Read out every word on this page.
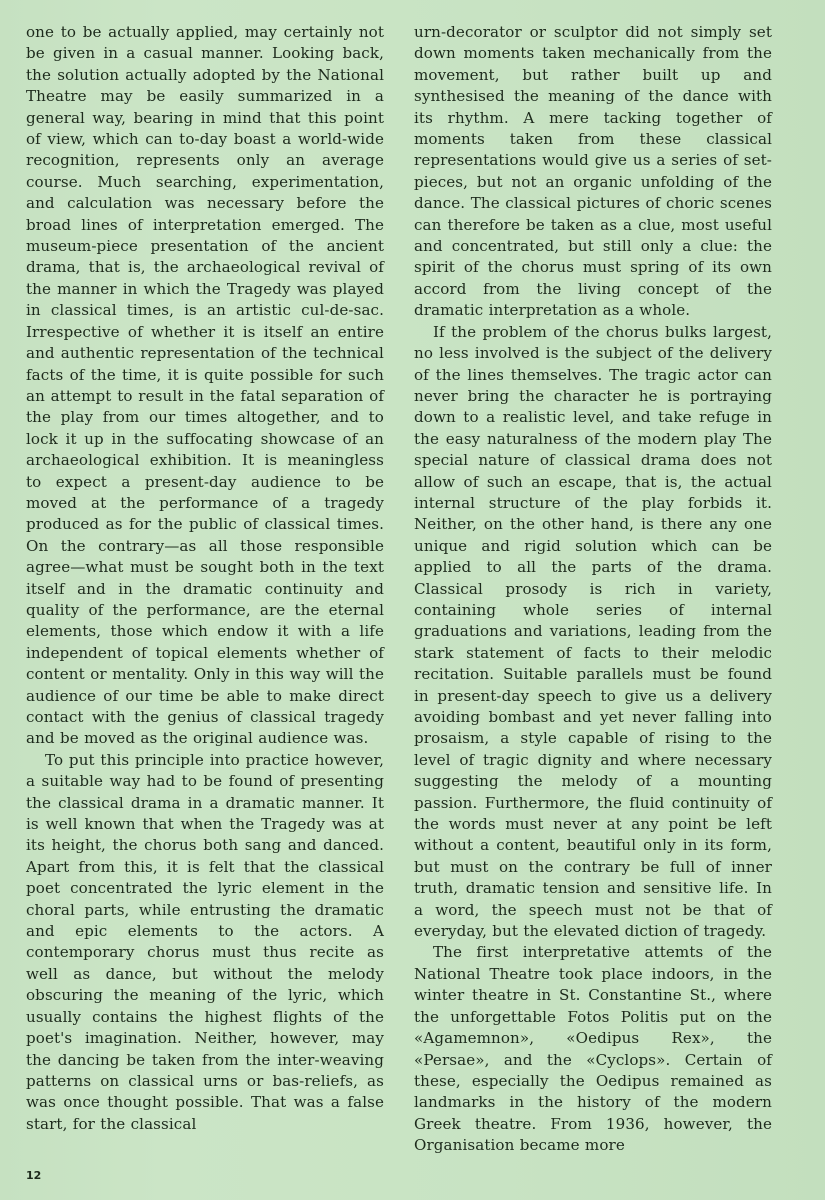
one to be actually applied, may certainly not be given in a casual manner. Looking back, the solution actually adopted by the National Theatre may be easily summarized in a general way, bearing in mind that this point of view, which can to-day boast a world-wide recognition, represents only an average course. Much searching, experimentation, and calculation was necessary before the broad lines of interpretation emerged. The museum-piece presentation of the ancient drama, that is, the archaeological revival of the manner in which the Tragedy was played in classical times, is an artistic cul-de-sac. Irrespective of whether it is itself an entire and authentic representation of the technical facts of the time, it is quite possible for such an attempt to result in the fatal separation of the play from our times altogether, and to lock it up in the suffocating showcase of an archaeological exhibition. It is meaningless to expect a present-day audience to be moved at the performance of a tragedy produced as for the public of classical times. On the contrary—as all those responsible agree—what must be sought both in the text itself and in the dramatic continuity and quality of the performance, are the eternal elements, those which endow it with a life independent of topical elements whether of content or mentality. Only in this way will the audience of our time be able to make direct contact with the genius of classical tragedy and be moved as the original audience was.

To put this principle into practice however, a suitable way had to be found of presenting the classical drama in a dramatic manner. It is well known that when the Tragedy was at its height, the chorus both sang and danced. Apart from this, it is felt that the classical poet concentrated the lyric element in the choral parts, while entrusting the dramatic and epic elements to the actors. A contemporary chorus must thus recite as well as dance, but without the melody obscuring the meaning of the lyric, which usually contains the highest flights of the poet's imagination. Neither, however, may the dancing be taken from the inter-weaving patterns on classical urns or bas-reliefs, as was once thought possible. That was a false start, for the classical

urn-decorator or sculptor did not simply set down moments taken mechanically from the movement, but rather built up and synthesised the meaning of the dance with its rhythm. A mere tacking together of moments taken from these classical representations would give us a series of set-pieces, but not an organic unfolding of the dance. The classical pictures of choric scenes can therefore be taken as a clue, most useful and concentrated, but still only a clue: the spirit of the chorus must spring of its own accord from the living concept of the dramatic interpretation as a whole.

If the problem of the chorus bulks largest, no less involved is the subject of the delivery of the lines themselves. The tragic actor can never bring the character he is portraying down to a realistic level, and take refuge in the easy naturalness of the modern play The special nature of classical drama does not allow of such an escape, that is, the actual internal structure of the play forbids it. Neither, on the other hand, is there any one unique and rigid solution which can be applied to all the parts of the drama. Classical prosody is rich in variety, containing whole series of internal graduations and variations, leading from the stark statement of facts to their melodic recitation. Suitable parallels must be found in present-day speech to give us a delivery avoiding bombast and yet never falling into prosaism, a style capable of rising to the level of tragic dignity and where necessary suggesting the melody of a mounting passion. Furthermore, the fluid continuity of the words must never at any point be left without a content, beautiful only in its form, but must on the contrary be full of inner truth, dramatic tension and sensitive life. In a word, the speech must not be that of everyday, but the elevated diction of tragedy.

The first interpretative attemts of the National Theatre took place indoors, in the winter theatre in St. Constantine St., where the unforgettable Fotos Politis put on the «Agamemnon», «Oedipus Rex», the «Persae», and the «Cyclops». Certain of these, especially the Oedipus remained as landmarks in the history of the modern Greek theatre. From 1936, however, the Organisation became more

12
